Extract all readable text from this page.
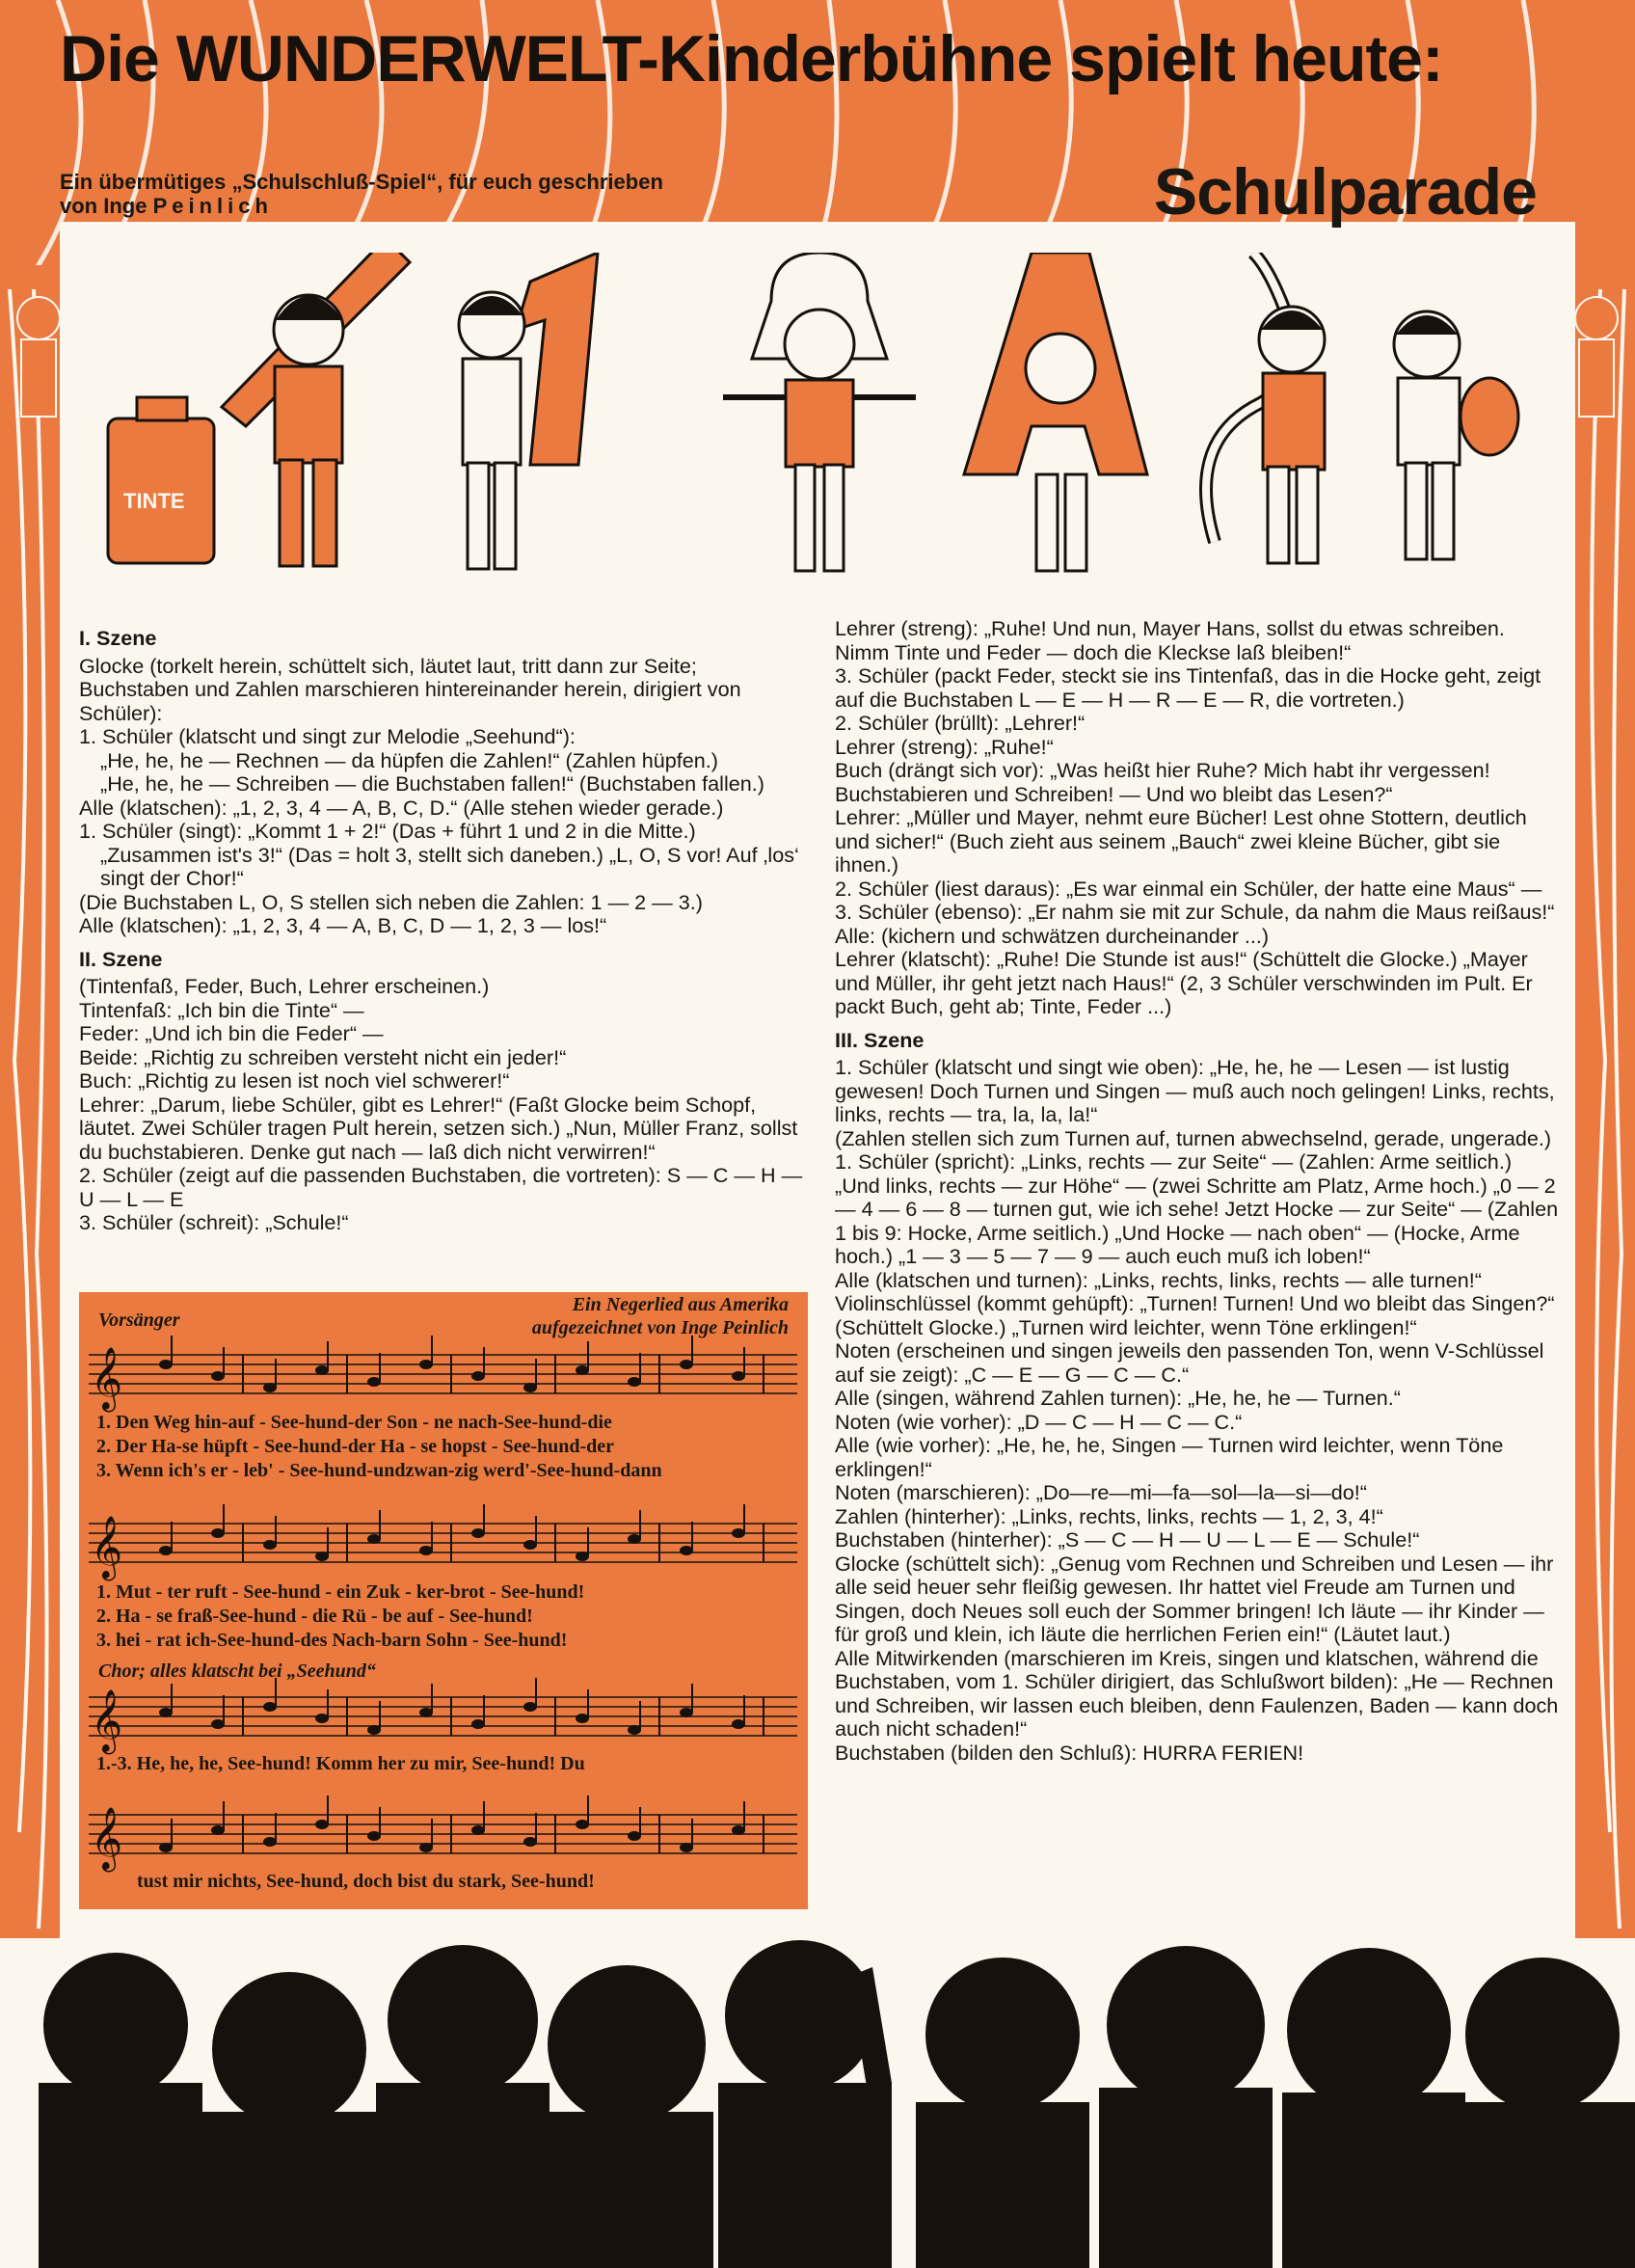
Die WUNDERWELT-Kinderbühne spielt heute:
Schulparade
Ein übermütiges „Schulschluß-Spiel“, für euch geschrieben
von Inge Peinlich
TINTE

I. Szene

Glocke (torkelt herein, schüttelt sich, läutet laut, tritt dann zur Seite; Buchstaben und Zahlen marschieren hintereinander herein, dirigiert von Schüler):

1. Schüler (klatscht und singt zur Melodie „Seehund“):

„He, he, he — Rechnen — da hüpfen die Zahlen!“ (Zahlen hüpfen.)

„He, he, he — Schreiben — die Buchstaben fallen!“ (Buchstaben fallen.)

Alle (klatschen): „1, 2, 3, 4 — A, B, C, D.“ (Alle stehen wieder gerade.)

1. Schüler (singt): „Kommt 1 + 2!“ (Das + führt 1 und 2 in die Mitte.)

„Zusammen ist's 3!“ (Das = holt 3, stellt sich daneben.) „L, O, S vor! Auf ‚los‘ singt der Chor!“

(Die Buchstaben L, O, S stellen sich neben die Zahlen: 1 — 2 — 3.)

Alle (klatschen): „1, 2, 3, 4 — A, B, C, D — 1, 2, 3 — los!“

II. Szene

(Tintenfaß, Feder, Buch, Lehrer erscheinen.)

Tintenfaß: „Ich bin die Tinte“ —

Feder: „Und ich bin die Feder“ —

Beide: „Richtig zu schreiben versteht nicht ein jeder!“

Buch: „Richtig zu lesen ist noch viel schwerer!“

Lehrer: „Darum, liebe Schüler, gibt es Lehrer!“ (Faßt Glocke beim Schopf, läutet. Zwei Schüler tragen Pult herein, setzen sich.) „Nun, Müller Franz, sollst du buchstabieren. Denke gut nach — laß dich nicht verwirren!“

2. Schüler (zeigt auf die passenden Buchstaben, die vortreten): S — C — H — U — L — E

3. Schüler (schreit): „Schule!“

Lehrer (streng): „Ruhe! Und nun, Mayer Hans, sollst du etwas schreiben. Nimm Tinte und Feder — doch die Kleckse laß bleiben!“

3. Schüler (packt Feder, steckt sie ins Tintenfaß, das in die Hocke geht, zeigt auf die Buchstaben L — E — H — R — E — R, die vortreten.)

2. Schüler (brüllt): „Lehrer!“

Lehrer (streng): „Ruhe!“

Buch (drängt sich vor): „Was heißt hier Ruhe? Mich habt ihr vergessen! Buchstabieren und Schreiben! — Und wo bleibt das Lesen?“

Lehrer: „Müller und Mayer, nehmt eure Bücher! Lest ohne Stottern, deutlich und sicher!“ (Buch zieht aus seinem „Bauch“ zwei kleine Bücher, gibt sie ihnen.)

2. Schüler (liest daraus): „Es war einmal ein Schüler, der hatte eine Maus“ —

3. Schüler (ebenso): „Er nahm sie mit zur Schule, da nahm die Maus reißaus!“

Alle: (kichern und schwätzen durcheinander ...)

Lehrer (klatscht): „Ruhe! Die Stunde ist aus!“ (Schüttelt die Glocke.) „Mayer und Müller, ihr geht jetzt nach Haus!“ (2, 3 Schüler verschwinden im Pult. Er packt Buch, geht ab; Tinte, Feder ...)

III. Szene

1. Schüler (klatscht und singt wie oben): „He, he, he — Lesen — ist lustig gewesen! Doch Turnen und Singen — muß auch noch gelingen! Links, rechts, links, rechts — tra, la, la, la!“

(Zahlen stellen sich zum Turnen auf, turnen abwechselnd, gerade, ungerade.)

1. Schüler (spricht): „Links, rechts — zur Seite“ — (Zahlen: Arme seitlich.) „Und links, rechts — zur Höhe“ — (zwei Schritte am Platz, Arme hoch.) „0 — 2 — 4 — 6 — 8 — turnen gut, wie ich sehe! Jetzt Hocke — zur Seite“ — (Zahlen 1 bis 9: Hocke, Arme seitlich.) „Und Hocke — nach oben“ — (Hocke, Arme hoch.) „1 — 3 — 5 — 7 — 9 — auch euch muß ich loben!“

Alle (klatschen und turnen): „Links, rechts, links, rechts — alle turnen!“

Violinschlüssel (kommt gehüpft): „Turnen! Turnen! Und wo bleibt das Singen?“ (Schüttelt Glocke.) „Turnen wird leichter, wenn Töne erklingen!“

Noten (erscheinen und singen jeweils den passenden Ton, wenn V-Schlüssel auf sie zeigt): „C — E — G — C — C.“

Alle (singen, während Zahlen turnen): „He, he, he — Turnen.“

Noten (wie vorher): „D — C — H — C — C.“

Alle (wie vorher): „He, he, he, Singen — Turnen wird leichter, wenn Töne erklingen!“

Noten (marschieren): „Do—re—mi—fa—sol—la—si—do!“

Zahlen (hinterher): „Links, rechts, links, rechts — 1, 2, 3, 4!“

Buchstaben (hinterher): „S — C — H — U — L — E — Schule!“

Glocke (schüttelt sich): „Genug vom Rechnen und Schreiben und Lesen — ihr alle seid heuer sehr fleißig gewesen. Ihr hattet viel Freude am Turnen und Singen, doch Neues soll euch der Sommer bringen! Ich läute — ihr Kinder — für groß und klein, ich läute die herrlichen Ferien ein!“ (Läutet laut.)

Alle Mitwirkenden (marschieren im Kreis, singen und klatschen, während die Buchstaben, vom 1. Schüler dirigiert, das Schlußwort bilden): „He — Rechnen und Schreiben, wir lassen euch bleiben, denn Faulenzen, Baden — kann doch auch nicht schaden!“

Buchstaben (bilden den Schluß): HURRA FERIEN!

𝄞
𝄞
𝄞
𝄞
Vorsänger
Ein Negerlied aus Amerika
aufgezeichnet von Inge Peinlich
1. Den Weg hin-auf - See-hund-der Son - ne nach-See-hund-die
2. Der Ha-se hüpft - See-hund-der Ha - se hopst - See-hund-der
3. Wenn ich's er - leb' - See-hund-undzwan-zig werd'-See-hund-dann
1. Mut - ter ruft - See-hund - ein Zuk - ker-brot - See-hund!
2. Ha - se fraß-See-hund - die Rü - be auf - See-hund!
3. hei - rat ich-See-hund-des Nach-barn Sohn - See-hund!
Chor; alles klatscht bei „Seehund“
1.-3. He, he, he, See-hund! Komm her zu mir, See-hund! Du
tust mir nichts, See-hund, doch bist du stark, See-hund!
